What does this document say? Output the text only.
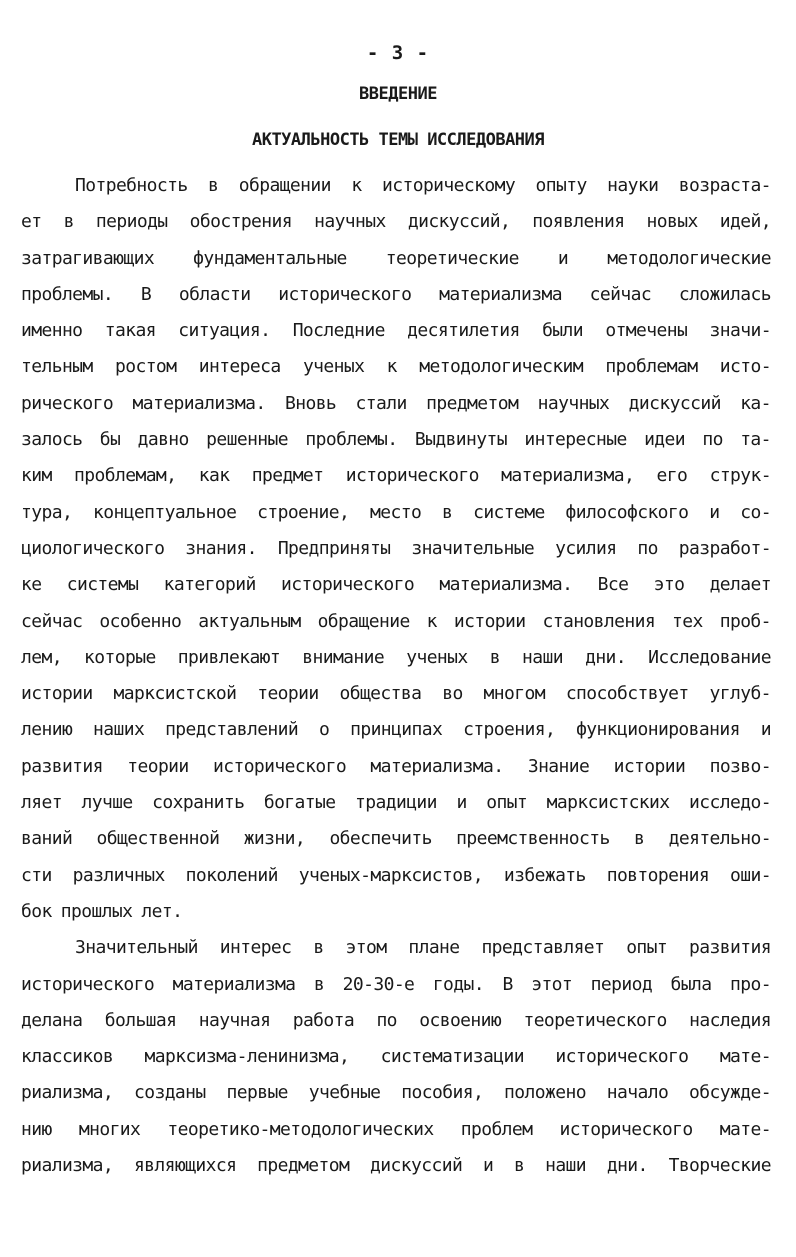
- 3 -
ВВЕДЕНИЕ
АКТУАЛЬНОСТЬ ТЕМЫ ИССЛЕДОВАНИЯ
Потребность в обращении к историческому опыту науки возраста-
ет в периоды обострения научных дискуссий, появления новых идей,
затрагивающих фундаментальные теоретические и методологические
проблемы. В области исторического материализма сейчас сложилась
именно такая ситуация. Последние десятилетия были отмечены значи-
тельным ростом интереса ученых к методологическим проблемам исто-
рического материализма. Вновь стали предметом научных дискуссий ка-
залось бы давно решенные проблемы. Выдвинуты интересные идеи по та-
ким проблемам, как предмет исторического материализма, его струк-
тура, концептуальное строение, место в системе философского и со-
циологического знания. Предприняты значительные усилия по разработ-
ке системы категорий исторического материализма. Все это делает
сейчас особенно актуальным обращение к истории становления тех проб-
лем, которые привлекают внимание ученых в наши дни. Исследование
истории марксистской теории общества во многом способствует углуб-
лению наших представлений о принципах строения, функционирования и
развития теории исторического материализма. Знание истории позво-
ляет лучше сохранить богатые традиции и опыт марксистских исследо-
ваний общественной жизни, обеспечить преемственность в деятельно-
сти различных поколений ученых-марксистов, избежать повторения оши-
бок прошлых лет.
Значительный интерес в этом плане представляет опыт развития
исторического материализма в 20-30-е годы. В этот период была про-
делана большая научная работа по освоению теоретического наследия
классиков марксизма-ленинизма, систематизации исторического мате-
риализма, созданы первые учебные пособия, положено начало обсужде-
нию многих теоретико-методологических проблем исторического мате-
риализма, являющихся предметом дискуссий и в наши дни. Творческие
